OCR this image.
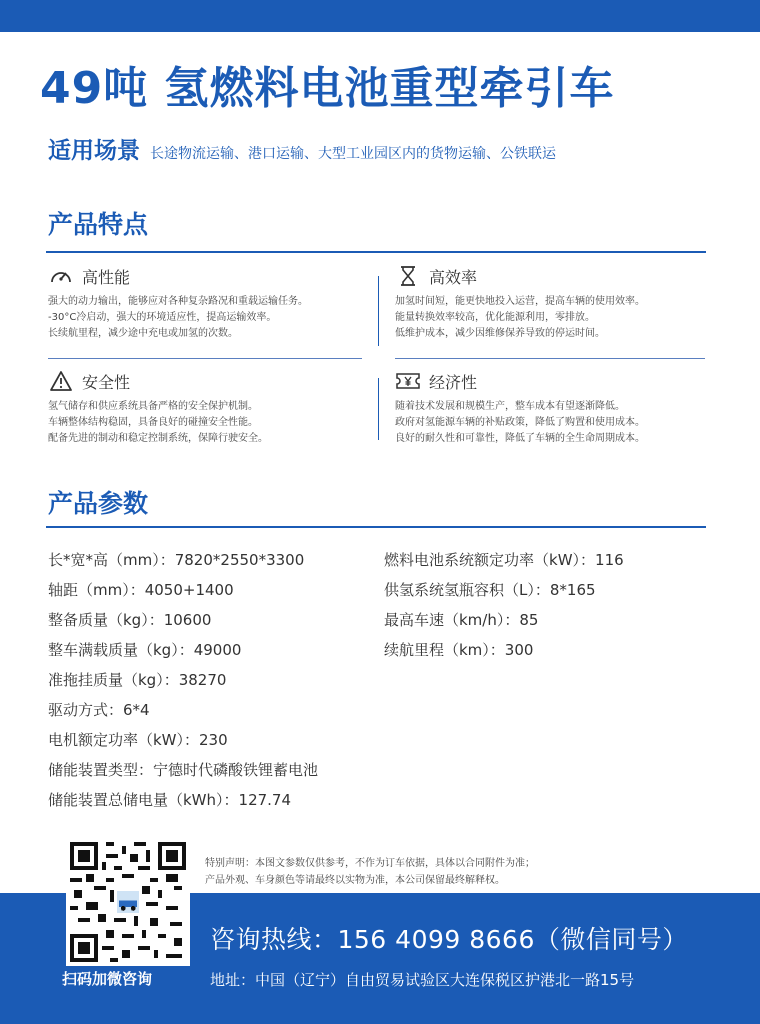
49吨 氢燃料电池重型牵引车
适用场景 长途物流运输、港口运输、大型工业园区内的货物运输、公铁联运
产品特点
高性能
强大的动力输出，能够应对各种复杂路况和重载运输任务。
-30°C冷启动，强大的环境适应性，提高运输效率。
长续航里程，减少途中充电或加氢的次数。
高效率
加氢时间短，能更快地投入运营，提高车辆的使用效率。
能量转换效率较高，优化能源利用，零排放。
低维护成本，减少因维修保养导致的停运时间。
安全性
氢气储存和供应系统具备严格的安全保护机制。
车辆整体结构稳固，具备良好的碰撞安全性能。
配备先进的制动和稳定控制系统，保障行驶安全。
经济性
随着技术发展和规模生产，整车成本有望逐渐降低。
政府对氢能源车辆的补贴政策，降低了购置和使用成本。
良好的耐久性和可靠性，降低了车辆的全生命周期成本。
产品参数
长*宽*高（mm）：7820*2550*3300
轴距（mm）：4050+1400
整备质量（kg）：10600
整车满载质量（kg）：49000
准拖挂质量（kg）：38270
驱动方式：6*4
电机额定功率（kW）：230
储能装置类型：宁德时代磷酸铁锂蓄电池
储能装置总储电量（kWh）：127.74
燃料电池系统额定功率（kW）：116
供氢系统氢瓶容积（L）：8*165
最高车速（km/h）：85
续航里程（km）：300
特别声明：本图文参数仅供参考，不作为订车依据，具体以合同附件为准；
产品外观、车身颜色等请最终以实物为准，本公司保留最终解释权。
扫码加微咨询
咨询热线：156 4099 8666（微信同号）
地址：中国（辽宁）自由贸易试验区大连保税区护港北一路15号
